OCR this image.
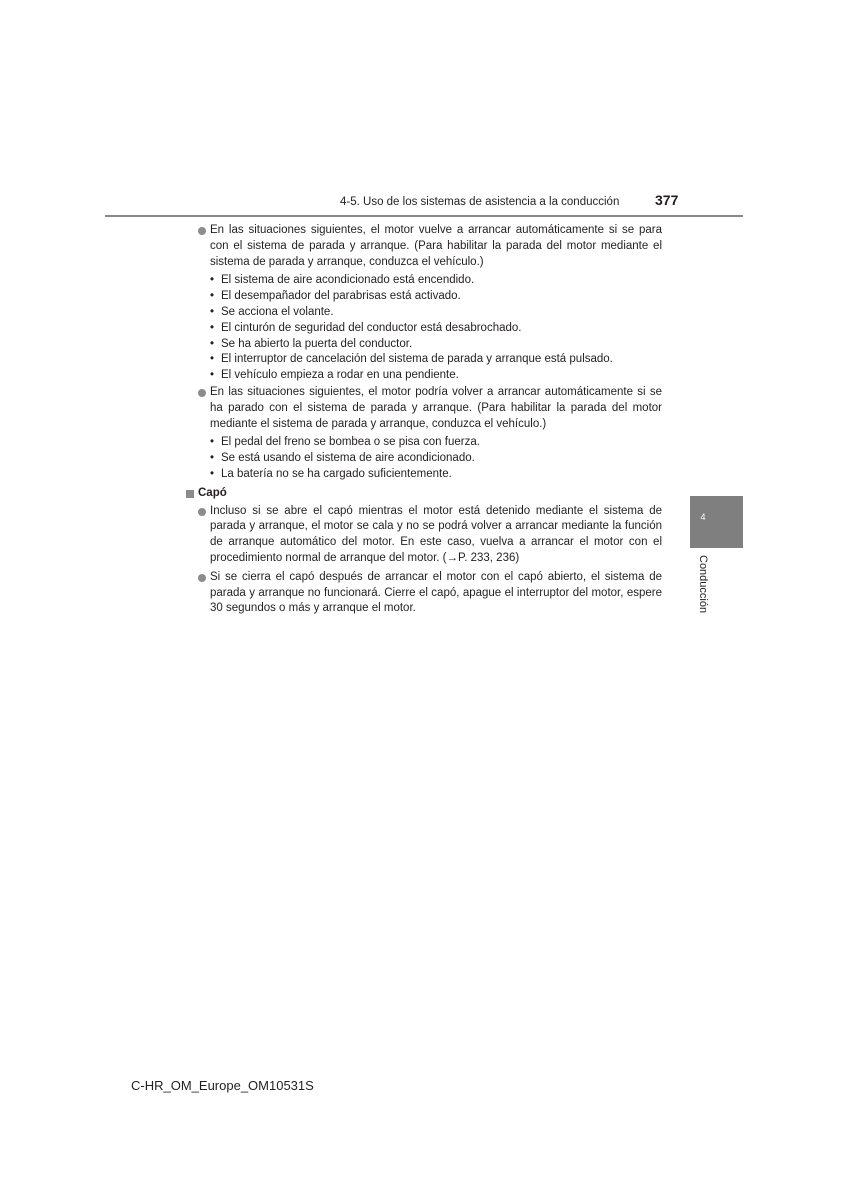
4-5. Uso de los sistemas de asistencia a la conducción	377
En las situaciones siguientes, el motor vuelve a arrancar automáticamente si se para con el sistema de parada y arranque. (Para habilitar la parada del motor mediante el sistema de parada y arranque, conduzca el vehículo.)
• El sistema de aire acondicionado está encendido.
• El desempañador del parabrisas está activado.
• Se acciona el volante.
• El cinturón de seguridad del conductor está desabrochado.
• Se ha abierto la puerta del conductor.
• El interruptor de cancelación del sistema de parada y arranque está pulsado.
• El vehículo empieza a rodar en una pendiente.
En las situaciones siguientes, el motor podría volver a arrancar automáticamente si se ha parado con el sistema de parada y arranque. (Para habilitar la parada del motor mediante el sistema de parada y arranque, conduzca el vehículo.)
• El pedal del freno se bombea o se pisa con fuerza.
• Se está usando el sistema de aire acondicionado.
• La batería no se ha cargado suficientemente.
Capó
Incluso si se abre el capó mientras el motor está detenido mediante el sistema de parada y arranque, el motor se cala y no se podrá volver a arrancar mediante la función de arranque automático del motor. En este caso, vuelva a arrancar el motor con el procedimiento normal de arranque del motor. (→P. 233, 236)
Si se cierra el capó después de arrancar el motor con el capó abierto, el sistema de parada y arranque no funcionará. Cierre el capó, apague el interruptor del motor, espere 30 segundos o más y arranque el motor.
4
Conducción
C-HR_OM_Europe_OM10531S
